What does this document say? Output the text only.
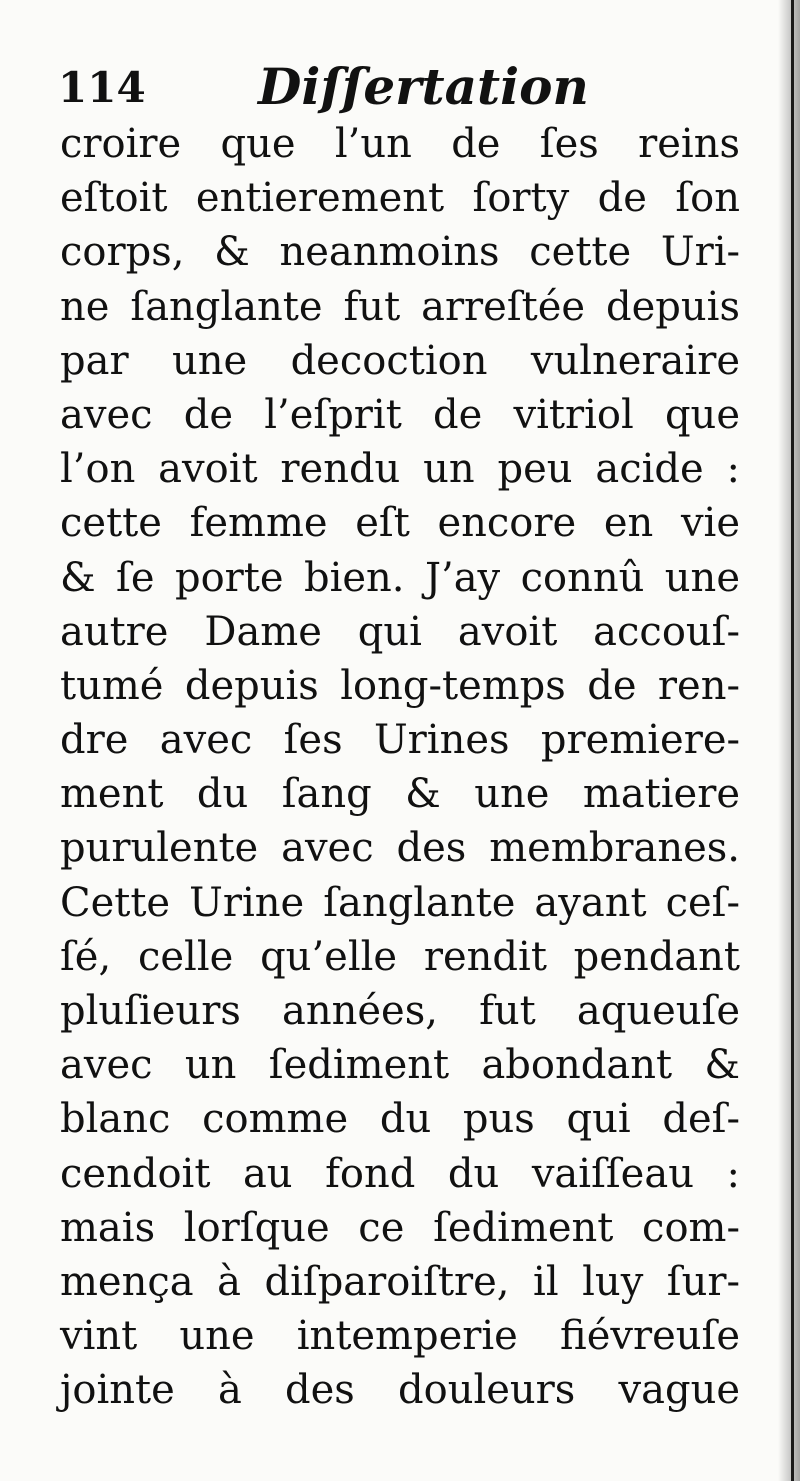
114 Diſſertation
croire que l’un de ſes reins
eſtoit entierement ſorty de ſon
corps, & neanmoins cette Uri-
ne ſanglante fut arreſtée depuis
par une decoction vulneraire
avec de l’eſprit de vitriol que
l’on avoit rendu un peu acide :
cette femme eſt encore en vie
& ſe porte bien. J’ay connû une
autre Dame qui avoit accouſ-
tumé depuis long-temps de ren-
dre avec ſes Urines premiere-
ment du ſang & une matiere
purulente avec des membranes.
Cette Urine ſanglante ayant ceſ-
ſé, celle qu’elle rendit pendant
pluſieurs années, fut aqueuſe
avec un ſediment abondant &
blanc comme du pus qui deſ-
cendoit au fond du vaiſſeau :
mais lorſque ce ſediment com-
mença à diſparoiſtre, il luy ſur-
vint une intemperie fiévreuſe
jointe à des douleurs vague
